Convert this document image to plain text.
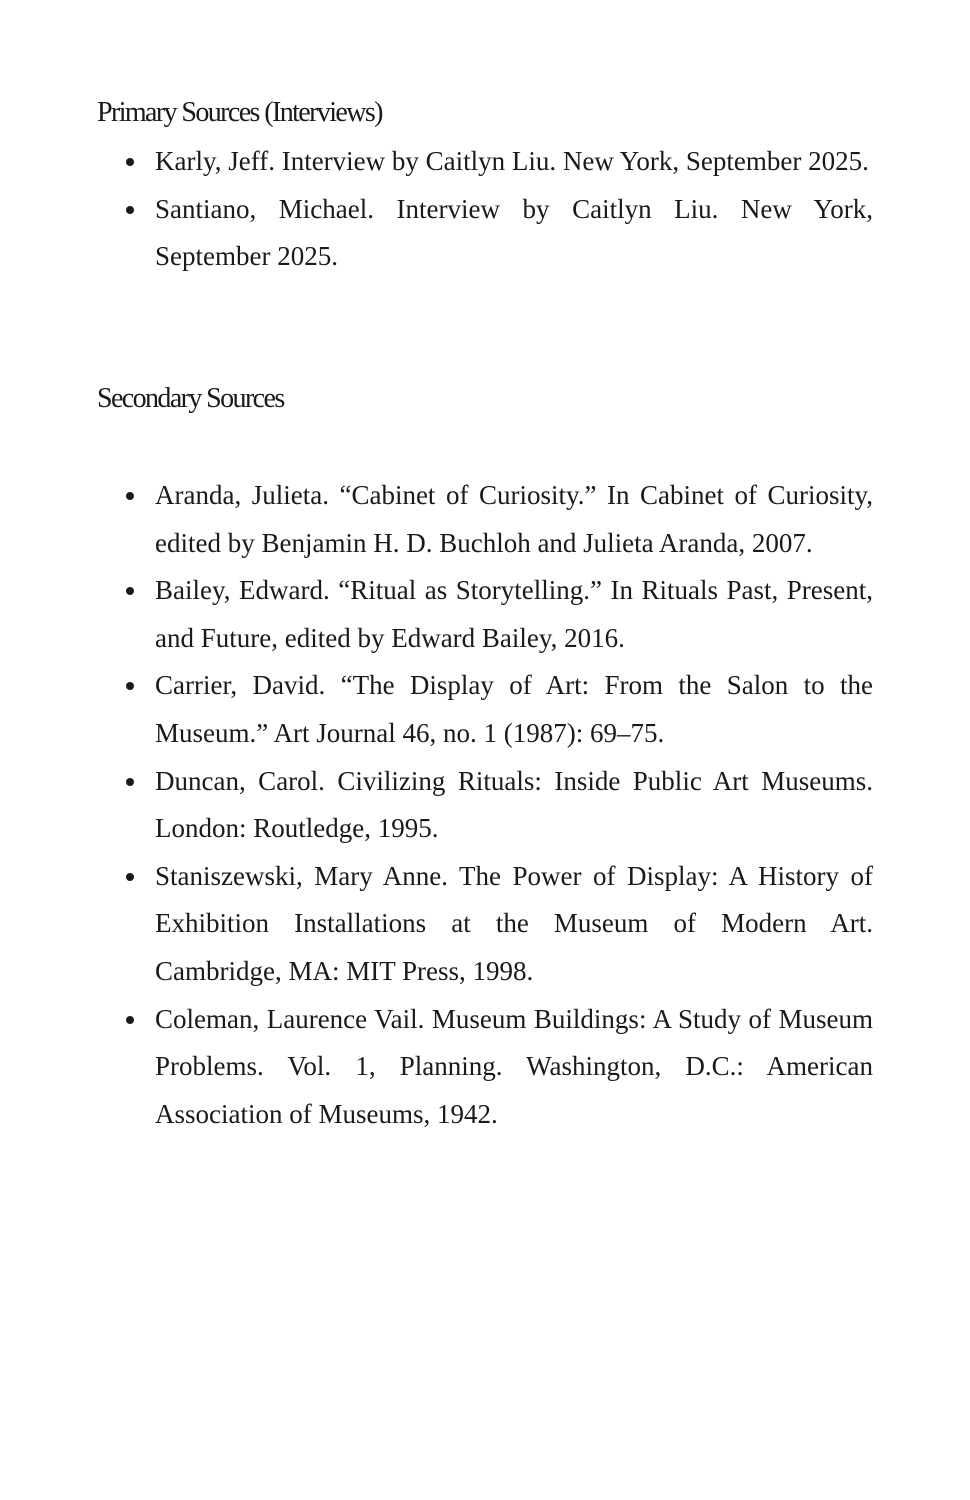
Primary Sources (Interviews)
Karly, Jeff. Interview by Caitlyn Liu. New York, September 2025.
Santiano, Michael. Interview by Caitlyn Liu. New York, September 2025.
Secondary Sources
Aranda, Julieta. “Cabinet of Curiosity.” In Cabinet of Curiosity, edited by Benjamin H. D. Buchloh and Julieta Aranda, 2007.
Bailey, Edward. “Ritual as Storytelling.” In Rituals Past, Present, and Future, edited by Edward Bailey, 2016.
Carrier, David. “The Display of Art: From the Salon to the Museum.” Art Journal 46, no. 1 (1987): 69–75.
Duncan, Carol. Civilizing Rituals: Inside Public Art Museums. London: Routledge, 1995.
Staniszewski, Mary Anne. The Power of Display: A History of Exhibition Installations at the Museum of Modern Art. Cambridge, MA: MIT Press, 1998.
Coleman, Laurence Vail. Museum Buildings: A Study of Museum Problems. Vol. 1, Planning. Washington, D.C.: American Association of Museums, 1942.
